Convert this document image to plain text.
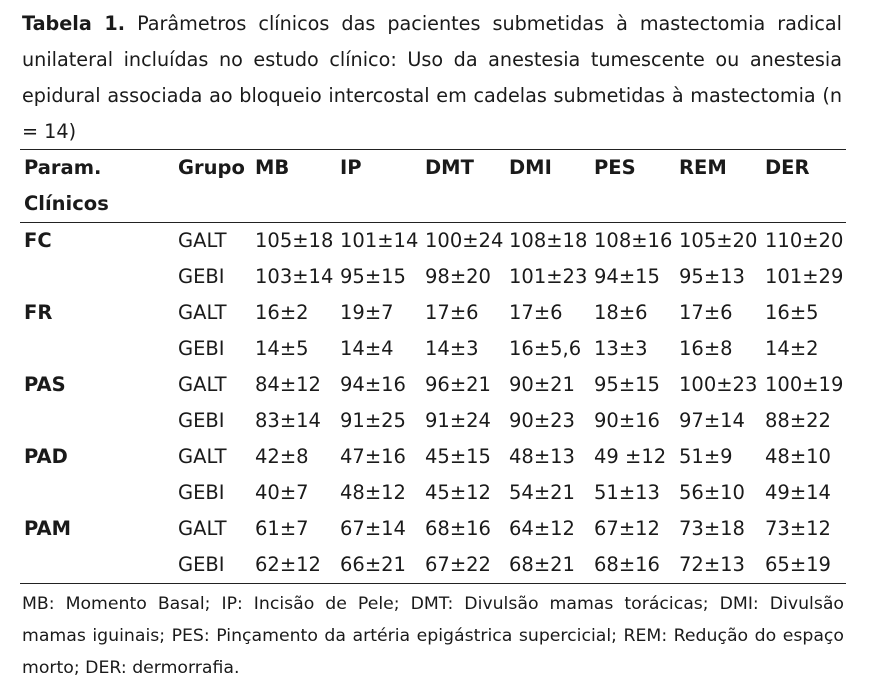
Tabela 1. Parâmetros clínicos das pacientes submetidas à mastectomia radical unilateral incluídas no estudo clínico: Uso da anestesia tumescente ou anestesia epidural associada ao bloqueio intercostal em cadelas submetidas à mastectomia (n = 14)
Param.	Grupo	MB	IP	DMT	DMI	PES	REM	DER
Clínicos								
FC	GALT	105±18	101±14	100±24	108±18	108±16	105±20	110±20
	GEBI	103±14	95±15	98±20	101±23	94±15	95±13	101±29
FR	GALT	16±2	19±7	17±6	17±6	18±6	17±6	16±5
	GEBI	14±5	14±4	14±3	16±5,6	13±3	16±8	14±2
PAS	GALT	84±12	94±16	96±21	90±21	95±15	100±23	100±19
	GEBI	83±14	91±25	91±24	90±23	90±16	97±14	88±22
PAD	GALT	42±8	47±16	45±15	48±13	49 ±12	51±9	48±10
	GEBI	40±7	48±12	45±12	54±21	51±13	56±10	49±14
PAM	GALT	61±7	67±14	68±16	64±12	67±12	73±18	73±12
	GEBI	62±12	66±21	67±22	68±21	68±16	72±13	65±19
MB: Momento Basal; IP: Incisão de Pele; DMT: Divulsão mamas torácicas; DMI: Divulsão mamas iguinais; PES: Pinçamento da artéria epigástrica supercicial; REM: Redução do espaço morto; DER: dermorrafia.
